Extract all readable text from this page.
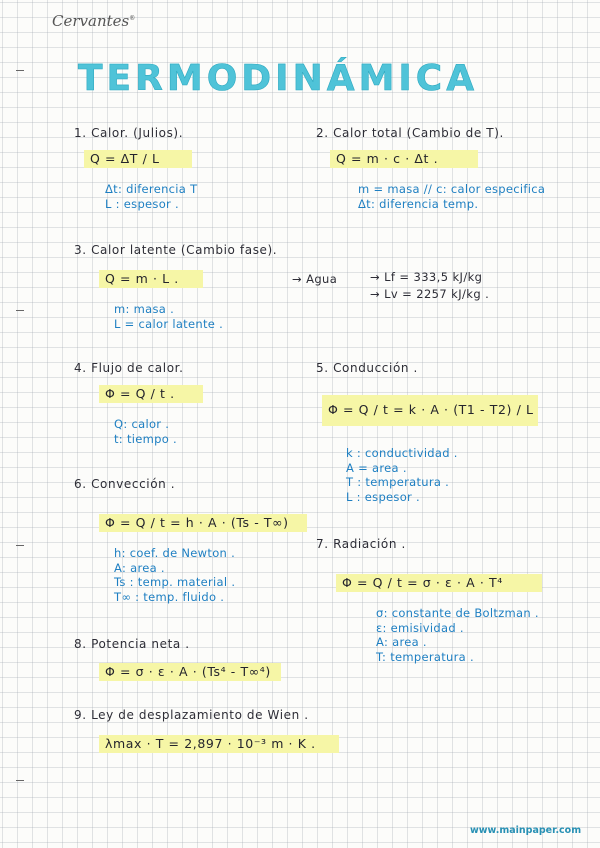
Cervantes®
TERMODINÁMICA
1. Calor. (Julios).
Q = ΔT / L
Δt: diferencia T
L : espesor .
2. Calor total (Cambio de T).
Q = m · c · Δt .
m = masa // c: calor especifica
Δt: diferencia temp.
3. Calor latente (Cambio fase).
Q = m · L .
m: masa .
L = calor latente .
→ Agua	→ Lf = 333,5 kJ/kg
→ Lv = 2257 kJ/kg .
4. Flujo de calor.
Φ = Q / t .
Q: calor .
t: tiempo .
5. Conducción .
Φ = Q / t = k · A · (T1 - T2) / L
k : conductividad .
A = area .
T : temperatura .
L : espesor .
6. Convección .
Φ = Q / t = h · A · (Ts - T∞)
h: coef. de Newton .
A: area .
Ts : temp. material .
T∞ : temp. fluido .
7. Radiación .
Φ = Q / t = σ · ε · A · T⁴
σ: constante de Boltzman .
ε: emisividad .
A: area .
T: temperatura .
8. Potencia neta .
Φ = σ · ε · A · (Ts⁴ - T∞⁴)
9. Ley de desplazamiento de Wien .
λmax · T = 2,897 · 10⁻³ m · K .
www.mainpaper.com
